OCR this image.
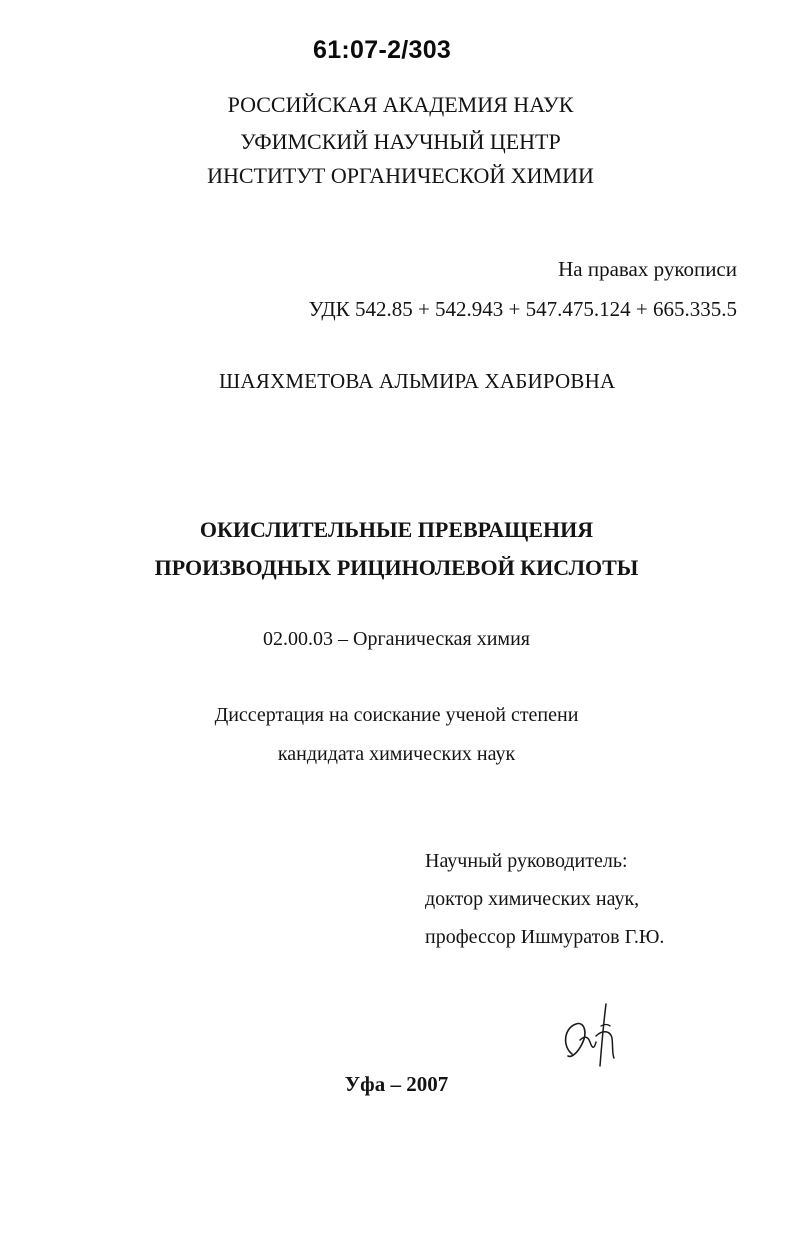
61:07-2/303
РОССИЙСКАЯ АКАДЕМИЯ НАУК
УФИМСКИЙ НАУЧНЫЙ ЦЕНТР
ИНСТИТУТ ОРГАНИЧЕСКОЙ ХИМИИ
На правах рукописи
УДК 542.85 + 542.943 + 547.475.124 + 665.335.5
ШАЯХМЕТОВА АЛЬМИРА ХАБИРОВНА
ОКИСЛИТЕЛЬНЫЕ ПРЕВРАЩЕНИЯ
ПРОИЗВОДНЫХ РИЦИНОЛЕВОЙ КИСЛОТЫ
02.00.03 – Органическая химия
Диссертация на соискание ученой степени
кандидата химических наук
Научный руководитель:
доктор химических наук,
профессор Ишмуратов Г.Ю.
Уфа – 2007
